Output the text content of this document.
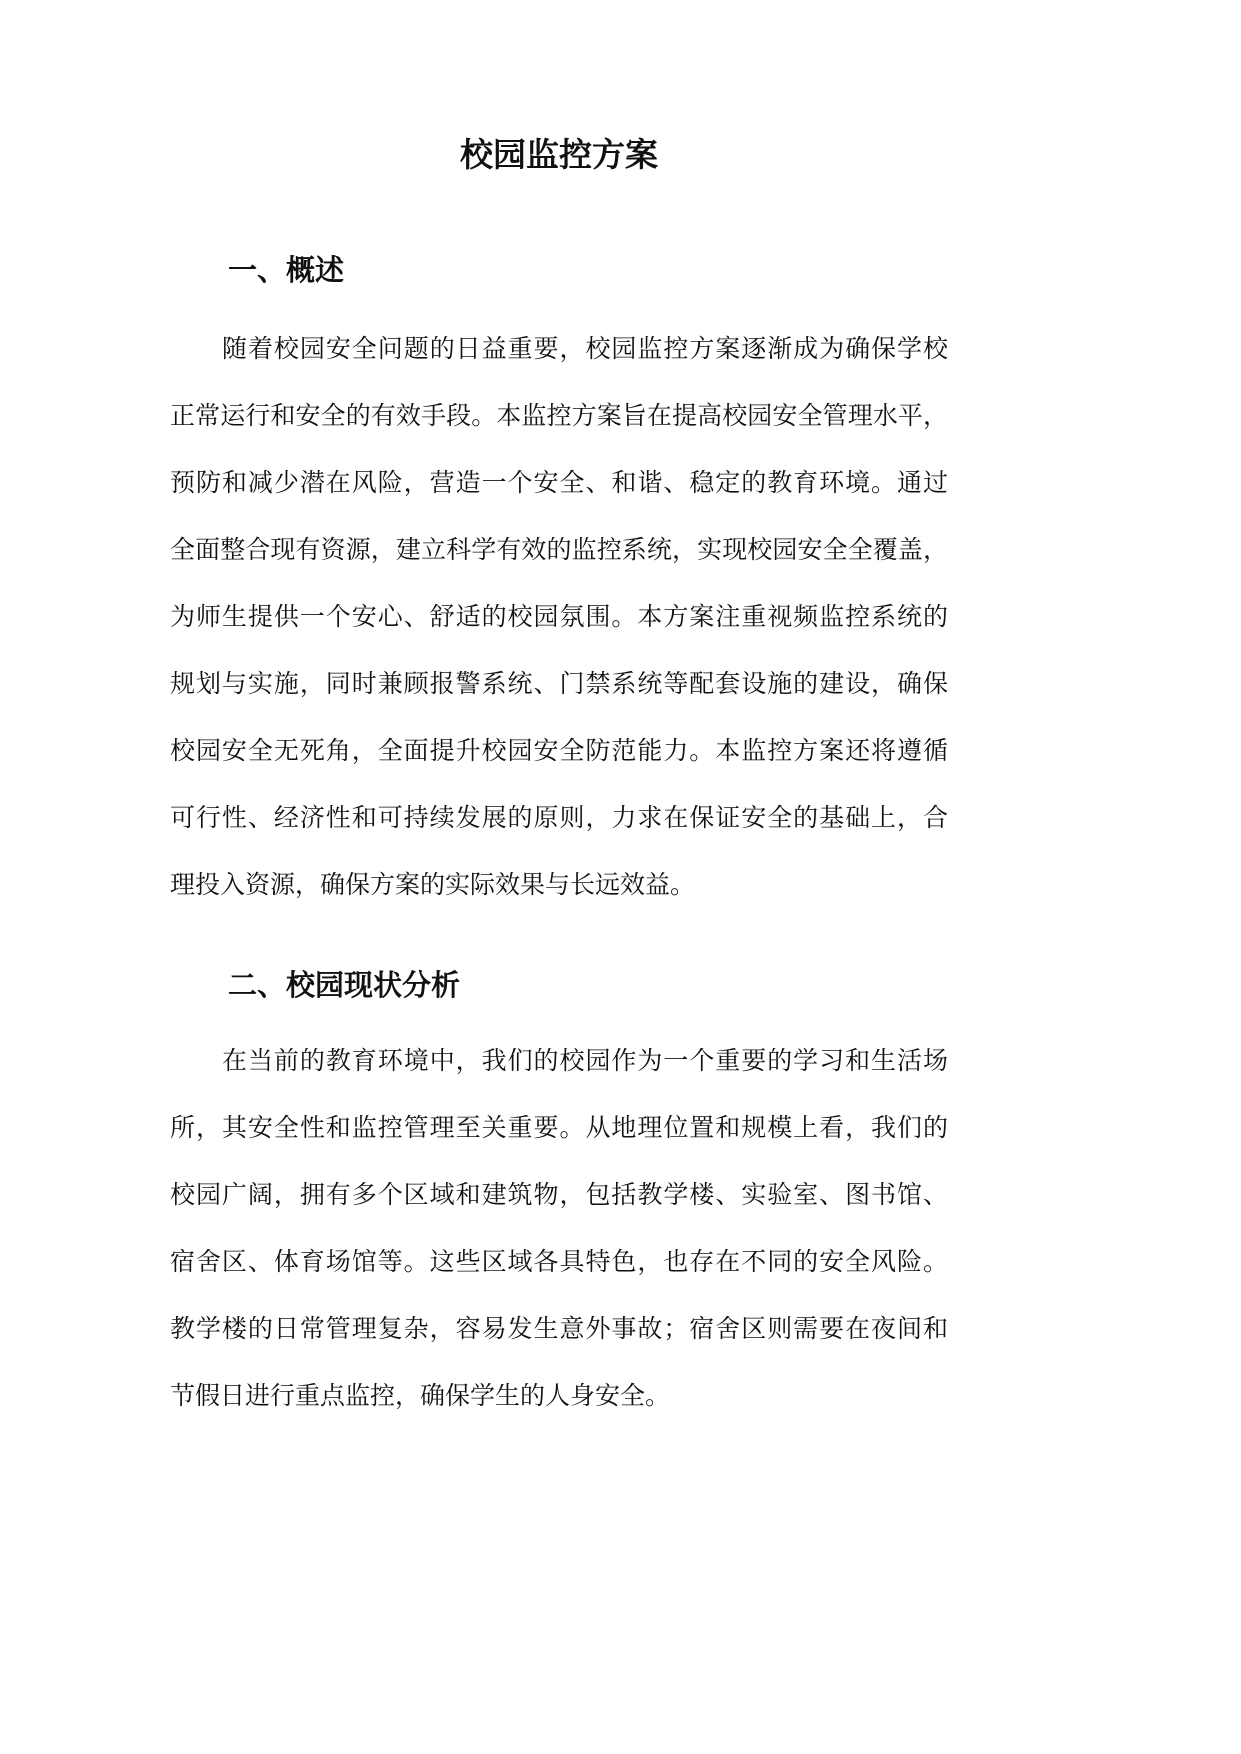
校园监控方案
一、概述
随着校园安全问题的日益重要，校园监控方案逐渐成为确保学校
正常运行和安全的有效手段。本监控方案旨在提高校园安全管理水平，
预防和减少潜在风险，营造一个安全、和谐、稳定的教育环境。通过
全面整合现有资源，建立科学有效的监控系统，实现校园安全全覆盖，
为师生提供一个安心、舒适的校园氛围。本方案注重视频监控系统的
规划与实施，同时兼顾报警系统、门禁系统等配套设施的建设，确保
校园安全无死角，全面提升校园安全防范能力。本监控方案还将遵循
可行性、经济性和可持续发展的原则，力求在保证安全的基础上，合
理投入资源，确保方案的实际效果与长远效益。
二、校园现状分析
在当前的教育环境中，我们的校园作为一个重要的学习和生活场
所，其安全性和监控管理至关重要。从地理位置和规模上看，我们的
校园广阔，拥有多个区域和建筑物，包括教学楼、实验室、图书馆、
宿舍区、体育场馆等。这些区域各具特色，也存在不同的安全风险。
教学楼的日常管理复杂，容易发生意外事故；宿舍区则需要在夜间和
节假日进行重点监控，确保学生的人身安全。
